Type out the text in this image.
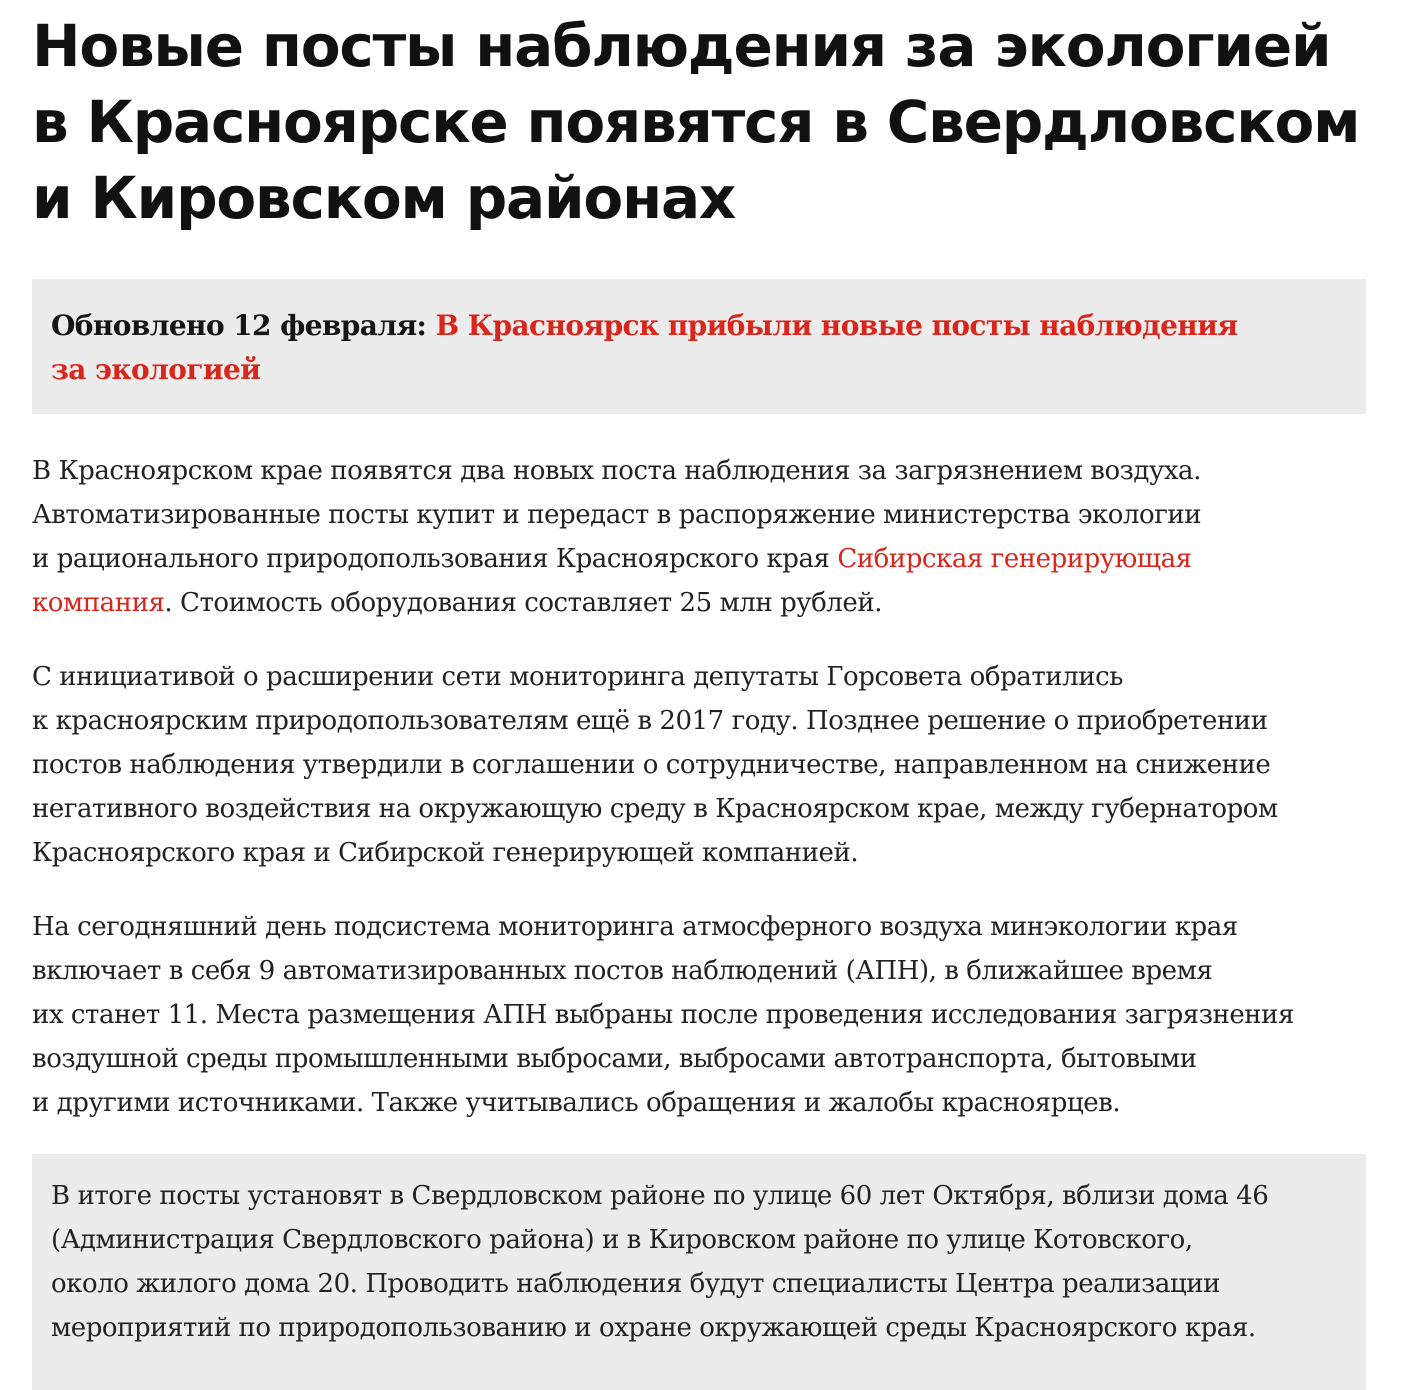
Новые посты наблюдения за экологией
в Красноярске появятся в Свердловском
и Кировском районах
Обновлено 12 февраля: В Красноярск прибыли новые посты наблюдения
за экологией

В Красноярском крае появятся два новых поста наблюдения за загрязнением воздуха.
Автоматизированные посты купит и передаст в распоряжение министерства экологии
и рационального природопользования Красноярского края Сибирская генерирующая
компания. Стоимость оборудования составляет 25 млн рублей.

С инициативой о расширении сети мониторинга депутаты Горсовета обратились
к красноярским природопользователям ещё в 2017 году. Позднее решение о приобретении
постов наблюдения утвердили в соглашении о сотрудничестве, направленном на снижение
негативного воздействия на окружающую среду в Красноярском крае, между губернатором
Красноярского края и Сибирской генерирующей компанией.

На сегодняшний день подсистема мониторинга атмосферного воздуха минэкологии края
включает в себя 9 автоматизированных постов наблюдений (АПН), в ближайшее время
их станет 11. Места размещения АПН выбраны после проведения исследования загрязнения
воздушной среды промышленными выбросами, выбросами автотранспорта, бытовыми
и другими источниками. Также учитывались обращения и жалобы красноярцев.

В итоге посты установят в Свердловском районе по улице 60 лет Октября, вблизи дома 46
(Администрация Свердловского района) и в Кировском районе по улице Котовского,
около жилого дома 20. Проводить наблюдения будут специалисты Центра реализации
мероприятий по природопользованию и охране окружающей среды Красноярского края.
